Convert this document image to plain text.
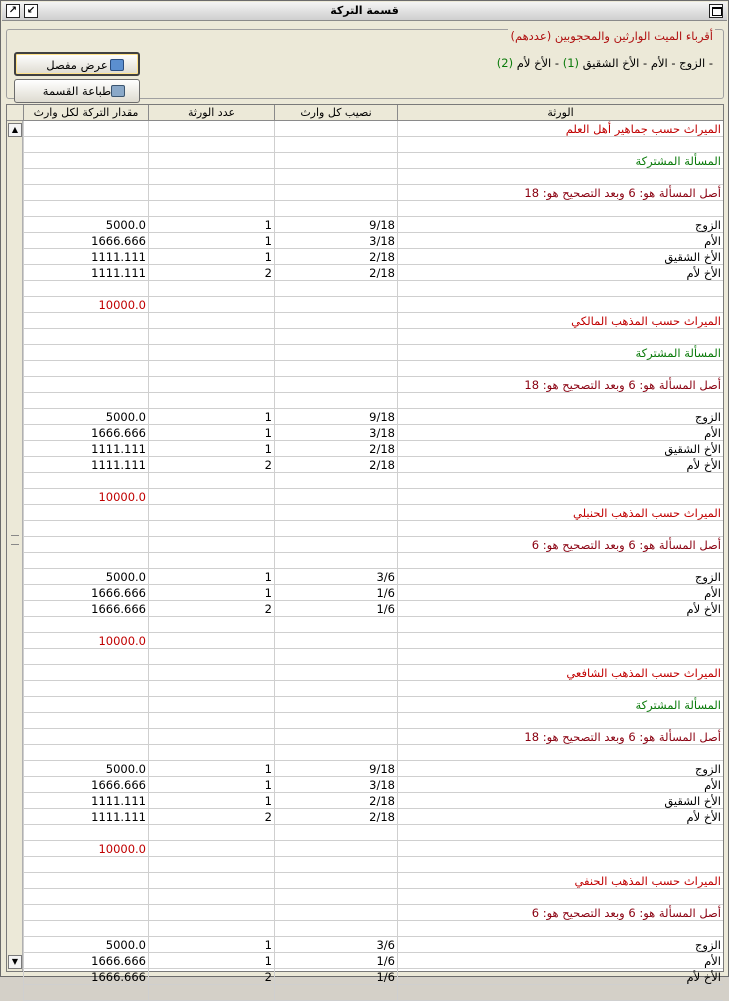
↗ ↙	قسمة التركة
أقرباء الميت الوارثين والمحجوبين (عددهم)
- الزوج - الأم - الأخ الشقيق (1) - الأخ لأم (2)
عرض مفصل
طباعة القسمة
مقدار التركة لكل وارث	عدد الورثة	نصيب كل وارث	الورثة
▲
▼
الميراث حسب جماهير أهل العلم
المسألة المشتركة
أصل المسألة هو: 6 وبعد التصحيح هو: 18
5000.0	1	9/18	الزوج
1666.666	1	3/18	الأم
1111.111	1	2/18	الأخ الشقيق
1111.111	2	2/18	الأخ لأم
10000.0
الميراث حسب المذهب المالكي
المسألة المشتركة
أصل المسألة هو: 6 وبعد التصحيح هو: 18
5000.0	1	9/18	الزوج
1666.666	1	3/18	الأم
1111.111	1	2/18	الأخ الشقيق
1111.111	2	2/18	الأخ لأم
10000.0
الميراث حسب المذهب الحنبلي
أصل المسألة هو: 6 وبعد التصحيح هو: 6
5000.0	1	3/6	الزوج
1666.666	1	1/6	الأم
1666.666	2	1/6	الأخ لأم
10000.0
الميراث حسب المذهب الشافعي
المسألة المشتركة
أصل المسألة هو: 6 وبعد التصحيح هو: 18
5000.0	1	9/18	الزوج
1666.666	1	3/18	الأم
1111.111	1	2/18	الأخ الشقيق
1111.111	2	2/18	الأخ لأم
10000.0
الميراث حسب المذهب الحنفي
أصل المسألة هو: 6 وبعد التصحيح هو: 6
5000.0	1	3/6	الزوج
1666.666	1	1/6	الأم
1666.666	2	1/6	الأخ لأم
